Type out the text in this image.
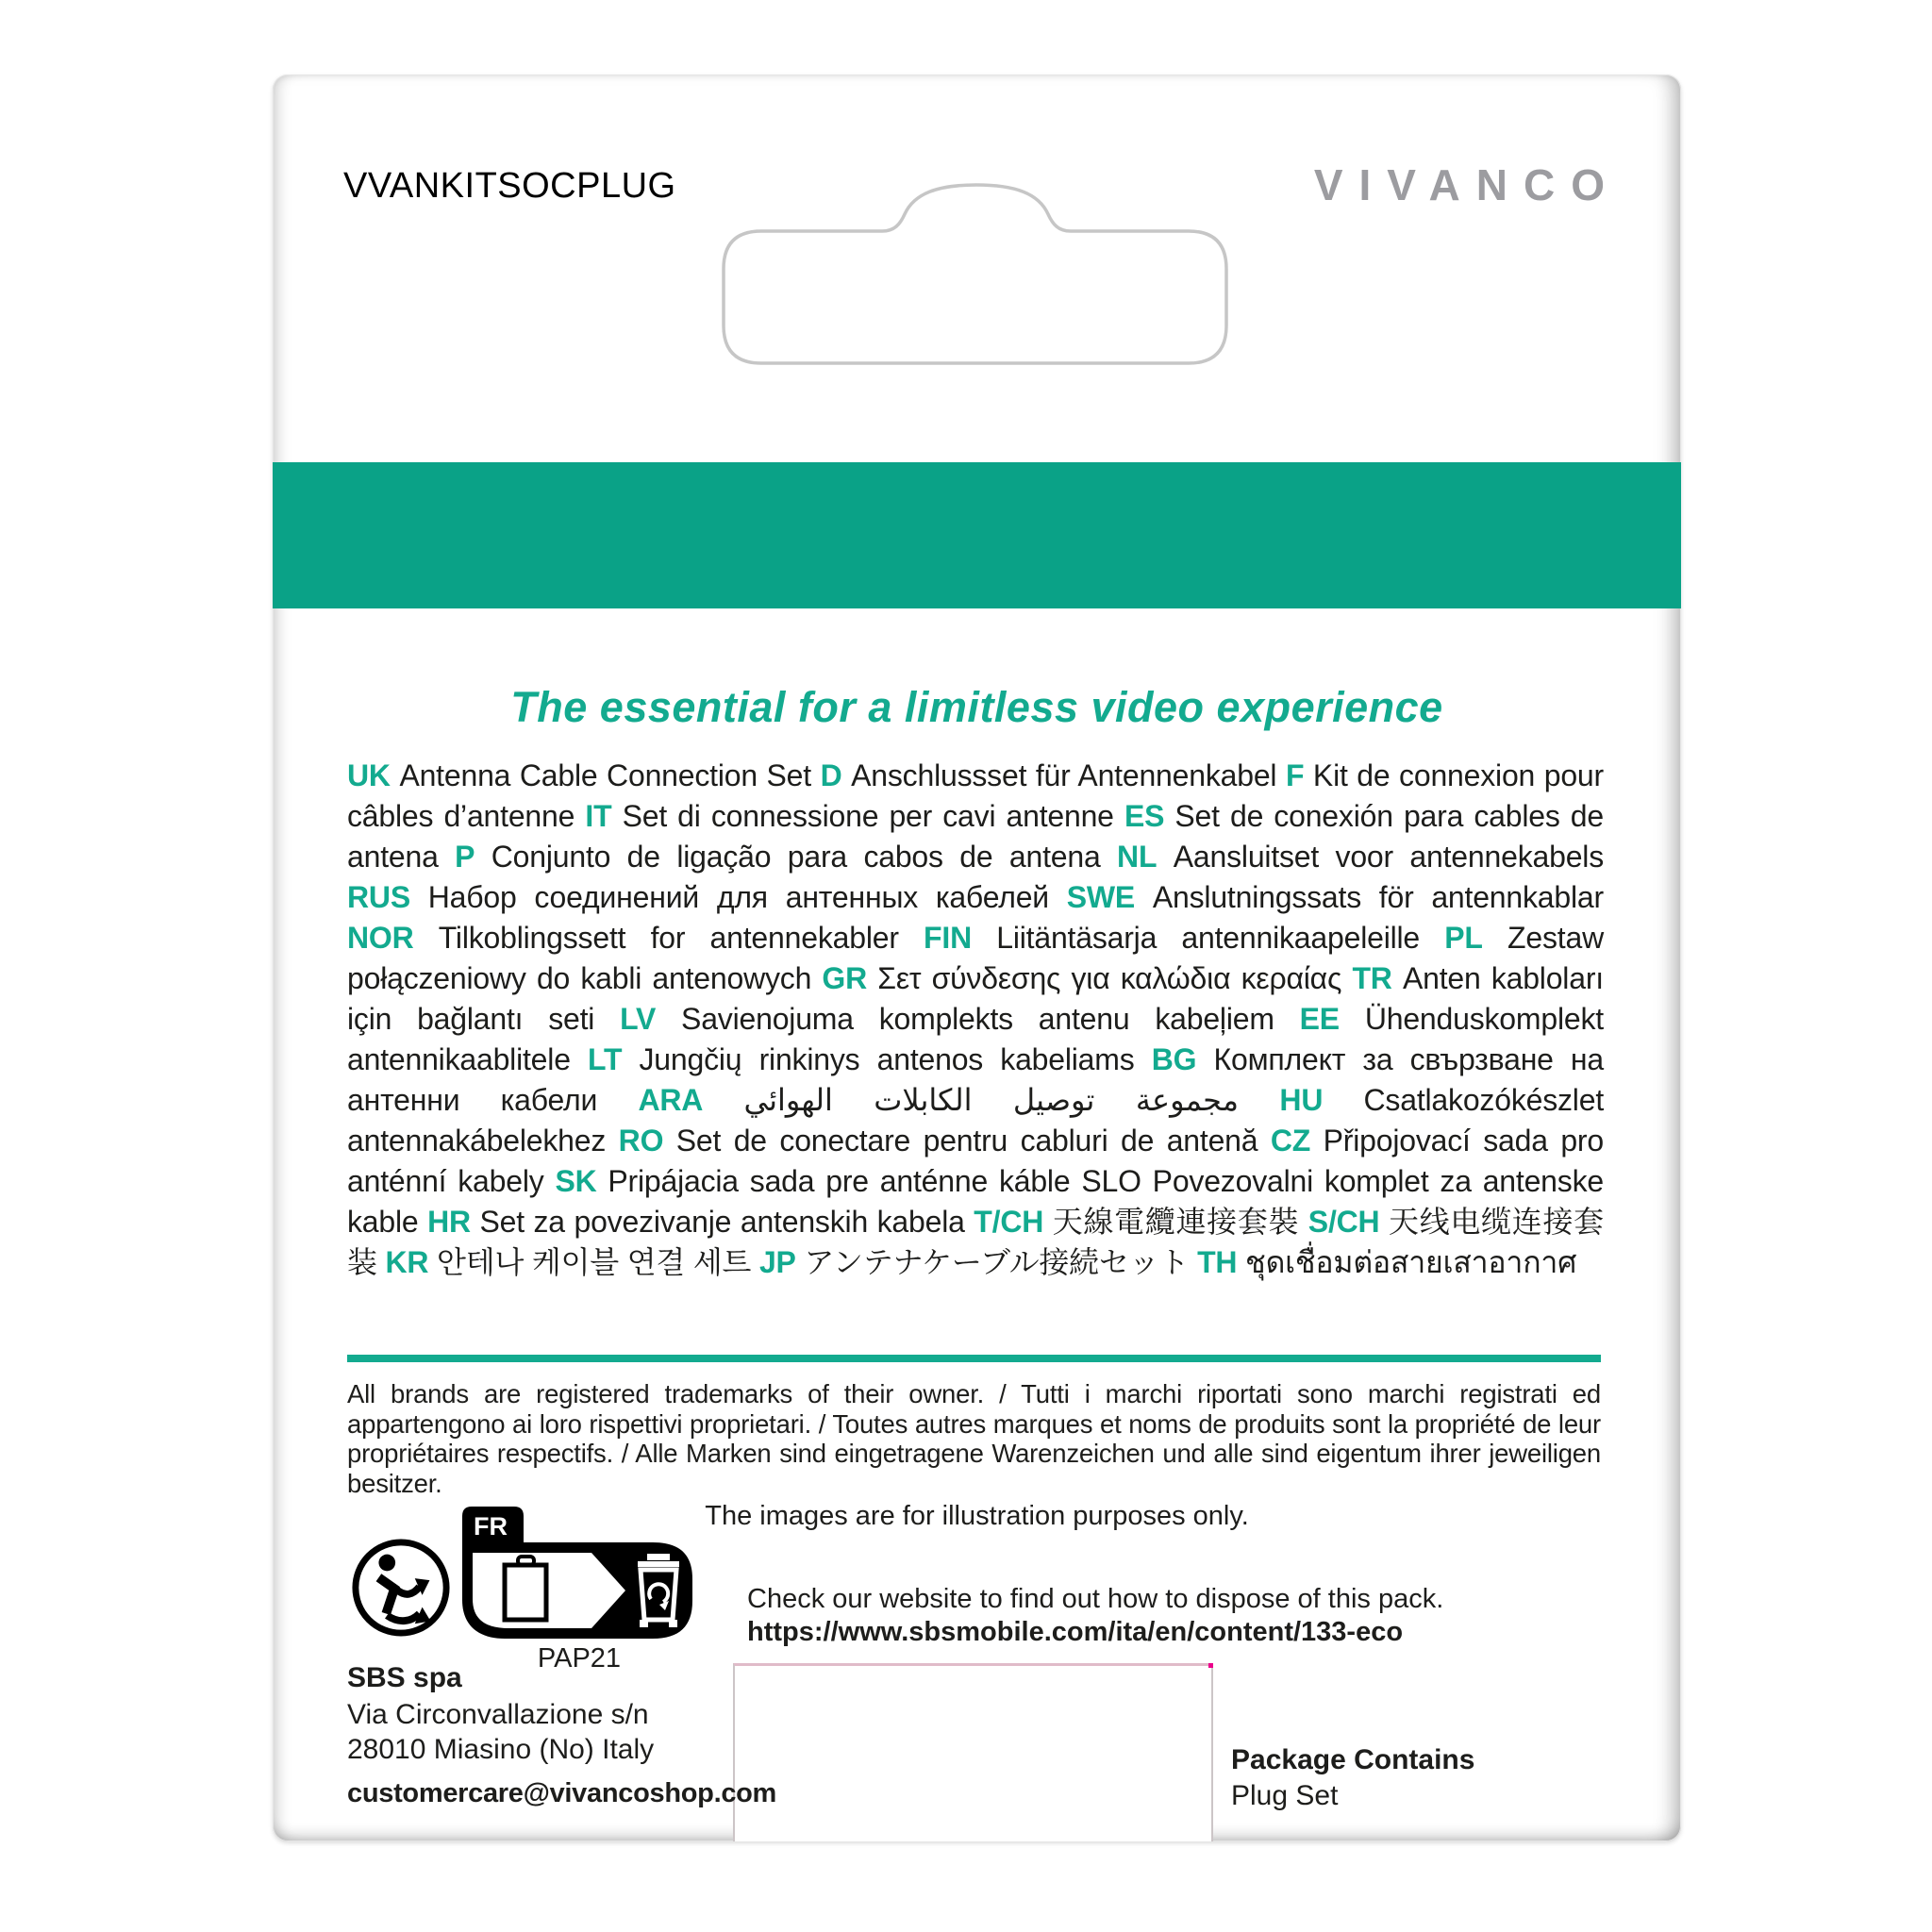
VVANKITSOCPLUG	VIVANCO
The essential for a limitless video experience

UK Antenna Cable Connection Set D Anschlussset für Antennenkabel F Kit de connexion pour câbles d’antenne IT Set di connessione per cavi antenne ES Set de conexión para cables de antena P Conjunto de ligação para cabos de antena NL Aansluitset voor antennekabels RUS Набор соединений для антенных кабелей SWE Anslutningssats för antennkablar NOR Tilkoblingssett for antennekabler FIN Liitäntäsarja antennikaapeleille PL Zestaw połączeniowy do kabli antenowych GR Σετ σύνδεσης για καλώδια κεραίας TR Anten kabloları için bağlantı seti LV Savienojuma komplekts antenu kabeļiem EE Ühenduskomplekt antennikaablitele LT Jungčių rinkinys antenos kabeliams BG Комплект за свързване на антенни кабели ARA مجموعة توصيل الكابلات الهوائي HU Csatlakozókészlet antennakábelekhez RO Set de conectare pentru cabluri de antenă CZ Připojovací sada pro anténní kabely SK Pripájacia sada pre anténne káble SLO Povezovalni komplet za antenske kable HR Set za povezivanje antenskih kabela T/CH 天線電纜連接套裝 S/CH 天线电缆连接套装 KR 안테나 케이블 연결 세트 JP アンテナケーブル接続セット TH ชุดเชื่อมต่อสายเสาอากาศ

All brands are registered trademarks of their owner. / Tutti i marchi riportati sono marchi registrati ed appartengono ai loro rispettivi proprietari. / Toutes autres marques et noms de produits sont la propriété de leur propriétaires respectifs. / Alle Marken sind eingetragene Warenzeichen und alle sind eigentum ihrer jeweiligen besitzer.
The images are for illustration purposes only.
FR
PAP21
Check our website to find out how to dispose of this pack.
https://www.sbsmobile.com/ita/en/content/133-eco
SBS spa
Via Circonvallazione s/n
28010 Miasino (No) Italy
customercare@vivancoshop.com
Package Contains
Plug Set
